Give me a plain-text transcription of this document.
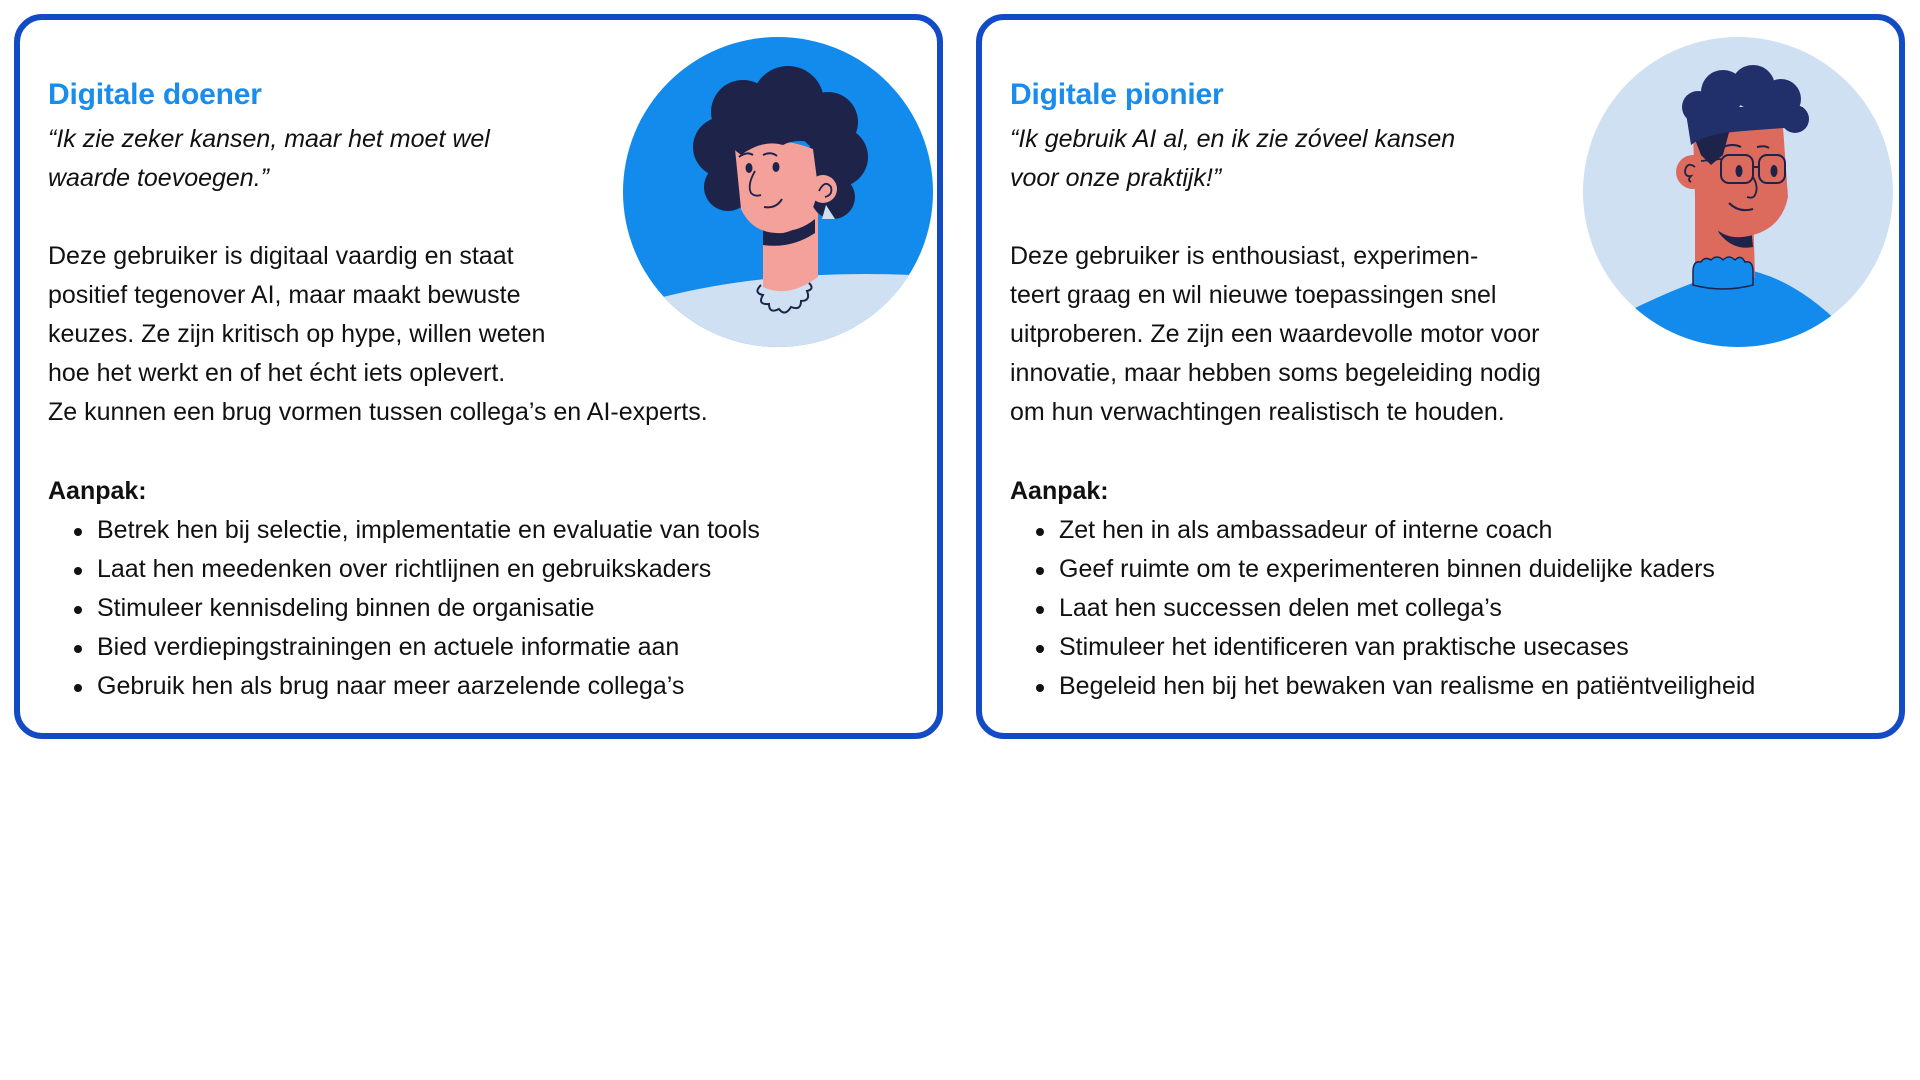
Digitale doener

“Ik zie zeker kansen, maar het moet wel
waarde toevoegen.”

Deze gebruiker is digitaal vaardig en staat
positief tegenover AI, maar maakt bewuste
keuzes. Ze zijn kritisch op hype, willen weten
hoe het werkt en of het écht iets oplevert.
Ze kunnen een brug vormen tussen collega’s en AI-experts.

Aanpak:

Betrek hen bij selectie, implementatie en evaluatie van tools
Laat hen meedenken over richtlijnen en gebruikskaders
Stimuleer kennisdeling binnen de organisatie
Bied verdiepingstrainingen en actuele informatie aan
Gebruik hen als brug naar meer aarzelende collega’s
Digitale pionier

“Ik gebruik AI al, en ik zie zóveel kansen
voor onze praktijk!”

Deze gebruiker is enthousiast, experimen-
teert graag en wil nieuwe toepassingen snel
uitproberen. Ze zijn een waardevolle motor voor
innovatie, maar hebben soms begeleiding nodig
om hun verwachtingen realistisch te houden.

Aanpak:

Zet hen in als ambassadeur of interne coach
Geef ruimte om te experimenteren binnen duidelijke kaders
Laat hen successen delen met collega’s
Stimuleer het identificeren van praktische usecases
Begeleid hen bij het bewaken van realisme en patiëntveiligheid
